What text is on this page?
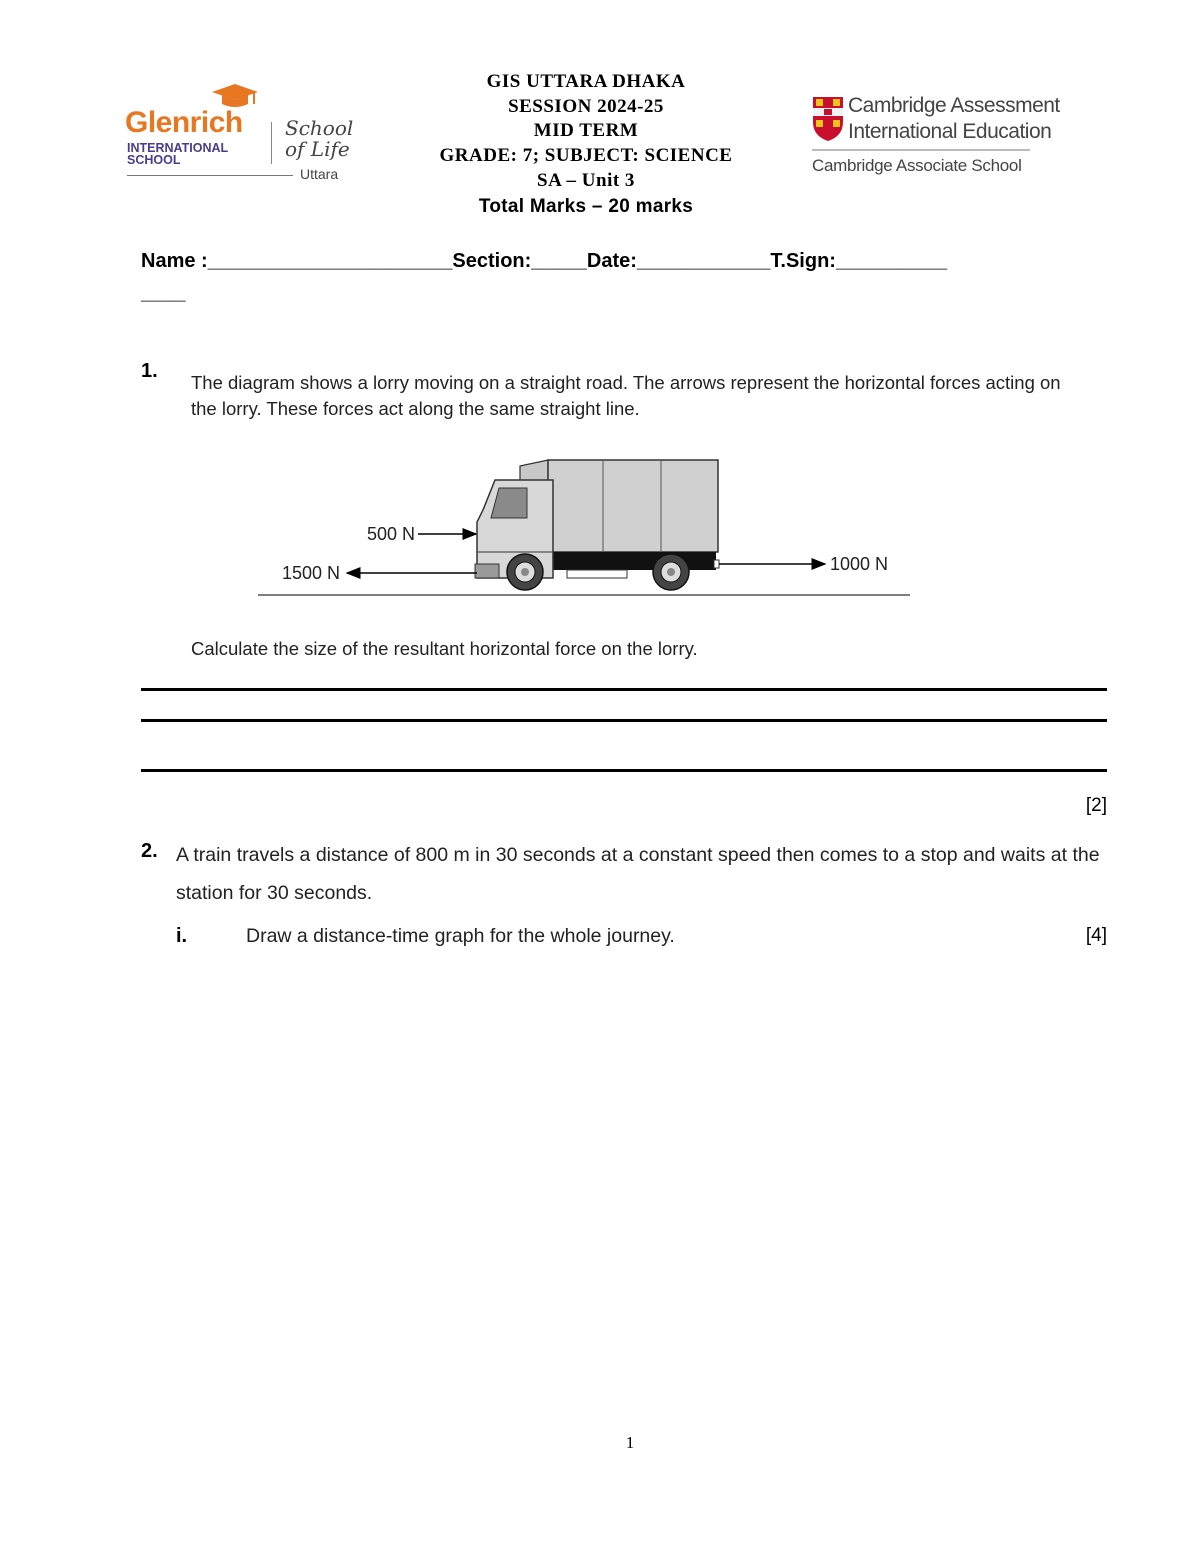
Glenrich
INTERNATIONAL
SCHOOL
School
of Life
Uttara
GIS UTTARA DHAKA
SESSION 2024-25
MID TERM
GRADE: 7; SUBJECT: SCIENCE
SA – Unit 3
Total Marks – 20 marks
Cambridge Assessment
International Education
Cambridge Associate School
Name :______________________Section:_____Date:____________T.Sign:__________
____
1.
The diagram shows a lorry moving on a straight road. The arrows represent the horizontal forces acting on the lorry. These forces act along the same straight line.
500 N
1500 N	1000 N
Calculate the size of the resultant horizontal force on the lorry.
[2]
2. A train travels a distance of 800 m in 30 seconds at a constant speed then comes to a stop and waits at the station for 30 seconds.
i.	Draw a distance-time graph for the whole journey.	[4]
1
